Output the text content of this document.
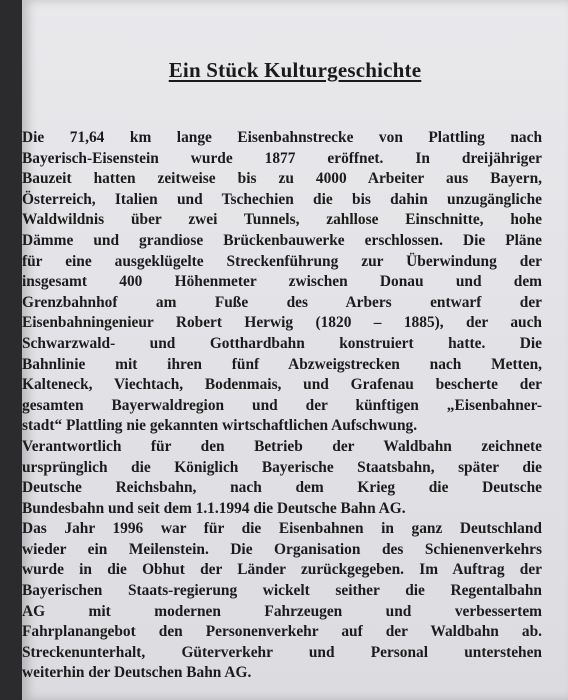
Ein Stück Kulturgeschichte
Die 71,64 km lange Eisenbahnstrecke von Plattling nach
Bayerisch-Eisenstein wurde 1877 eröffnet. In dreijähriger
Bauzeit hatten zeitweise bis zu 4000 Arbeiter aus Bayern,
Österreich, Italien und Tschechien die bis dahin unzugängliche
Waldwildnis über zwei Tunnels, zahllose Einschnitte, hohe
Dämme und grandiose Brückenbauwerke erschlossen. Die Pläne
für eine ausgeklügelte Streckenführung zur Überwindung der
insgesamt 400 Höhenmeter zwischen Donau und dem
Grenzbahnhof am Fuße des Arbers entwarf der
Eisenbahningenieur Robert Herwig (1820 – 1885), der auch
Schwarzwald- und Gotthardbahn konstruiert hatte. Die
Bahnlinie mit ihren fünf Abzweigstrecken nach Metten,
Kalteneck, Viechtach, Bodenmais, und Grafenau bescherte der
gesamten Bayerwaldregion und der künftigen „Eisenbahner-
stadt“ Plattling nie gekannten wirtschaftlichen Aufschwung.
Verantwortlich für den Betrieb der Waldbahn zeichnete
ursprünglich die Königlich Bayerische Staatsbahn, später die
Deutsche Reichsbahn, nach dem Krieg die Deutsche
Bundesbahn und seit dem 1.1.1994 die Deutsche Bahn AG.
Das Jahr 1996 war für die Eisenbahnen in ganz Deutschland
wieder ein Meilenstein. Die Organisation des Schienenverkehrs
wurde in die Obhut der Länder zurückgegeben. Im Auftrag der
Bayerischen Staats-regierung wickelt seither die Regentalbahn
AG mit modernen Fahrzeugen und verbessertem
Fahrplanangebot den Personenverkehr auf der Waldbahn ab.
Streckenunterhalt, Güterverkehr und Personal unterstehen
weiterhin der Deutschen Bahn AG.
